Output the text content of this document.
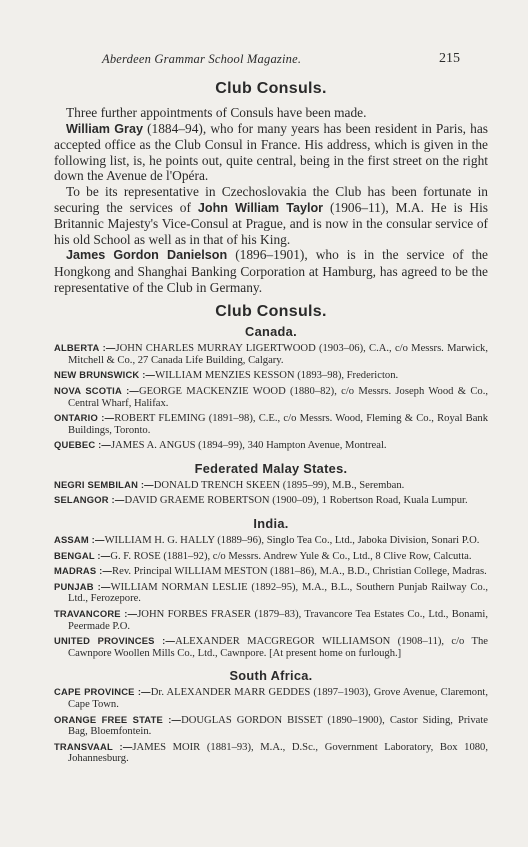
Aberdeen Grammar School Magazine.	215
Club Consuls.

Three further appointments of Consuls have been made.

William Gray (1884–94), who for many years has been resident in Paris, has accepted office as the Club Consul in France. His address, which is given in the following list, is, he points out, quite central, being in the first street on the right down the Avenue de l'Opéra.

To be its representative in Czechoslovakia the Club has been fortunate in securing the services of John William Taylor (1906–11), M.A. He is His Britannic Majesty's Vice-Consul at Prague, and is now in the consular service of his old School as well as in that of his King.

James Gordon Danielson (1896–1901), who is in the service of the Hongkong and Shanghai Banking Corporation at Hamburg, has agreed to be the representative of the Club in Germany.

Club Consuls.
Canada.

ALBERTA :—JOHN CHARLES MURRAY LIGERTWOOD (1903–06), C.A., c/o Messrs. Marwick, Mitchell & Co., 27 Canada Life Building, Calgary.

NEW BRUNSWICK :—WILLIAM MENZIES KESSON (1893–98), Fredericton.

NOVA SCOTIA :—GEORGE MACKENZIE WOOD (1880–82), c/o Messrs. Joseph Wood & Co., Central Wharf, Halifax.

ONTARIO :—ROBERT FLEMING (1891–98), C.E., c/o Messrs. Wood, Fleming & Co., Royal Bank Buildings, Toronto.

QUEBEC :—JAMES A. ANGUS (1894–99), 340 Hampton Avenue, Montreal.

Federated Malay States.

NEGRI SEMBILAN :—DONALD TRENCH SKEEN (1895–99), M.B., Seremban.

SELANGOR :—DAVID GRAEME ROBERTSON (1900–09), 1 Robertson Road, Kuala Lumpur.

India.

ASSAM :—WILLIAM H. G. HALLY (1889–96), Singlo Tea Co., Ltd., Jaboka Division, Sonari P.O.

BENGAL :—G. F. ROSE (1881–92), c/o Messrs. Andrew Yule & Co., Ltd., 8 Clive Row, Calcutta.

MADRAS :—Rev. Principal WILLIAM MESTON (1881–86), M.A., B.D., Christian College, Madras.

PUNJAB :—WILLIAM NORMAN LESLIE (1892–95), M.A., B.L., Southern Punjab Railway Co., Ltd., Ferozepore.

TRAVANCORE :—JOHN FORBES FRASER (1879–83), Travancore Tea Estates Co., Ltd., Bonami, Peermade P.O.

UNITED PROVINCES :—ALEXANDER MACGREGOR WILLIAMSON (1908–11), c/o The Cawnpore Woollen Mills Co., Ltd., Cawnpore. [At present home on furlough.]

South Africa.

CAPE PROVINCE :—Dr. ALEXANDER MARR GEDDES (1897–1903), Grove Avenue, Claremont, Cape Town.

ORANGE FREE STATE :—DOUGLAS GORDON BISSET (1890–1900), Castor Siding, Private Bag, Bloemfontein.

TRANSVAAL :—JAMES MOIR (1881–93), M.A., D.Sc., Government Laboratory, Box 1080, Johannesburg.
